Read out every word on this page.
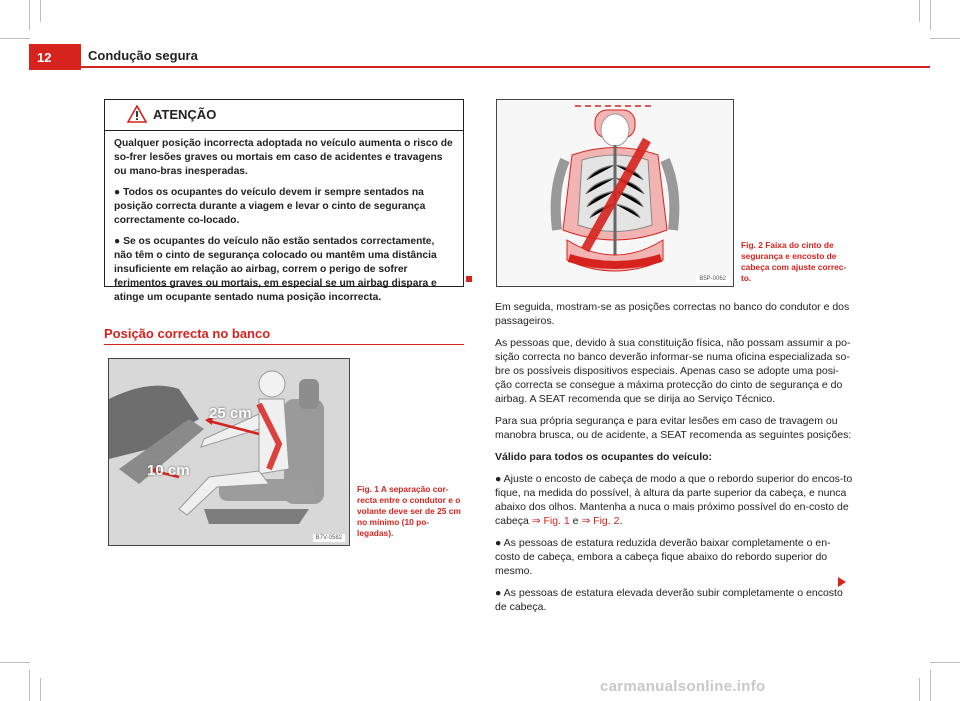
12	Condução segura
ATENÇÃO

Qualquer posição incorrecta adoptada no veículo aumenta o risco de so-frer lesões graves ou mortais em caso de acidentes e travagens ou mano-bras inesperadas.

● Todos os ocupantes do veículo devem ir sempre sentados na posição correcta durante a viagem e levar o cinto de segurança correctamente co-locado.

● Se os ocupantes do veículo não estão sentados correctamente, não têm o cinto de segurança colocado ou mantêm uma distância insuficiente em relação ao airbag, correm o perigo de sofrer ferimentos graves ou mortais, em especial se um airbag dispara e atinge um ocupante sentado numa posição incorrecta.

Posição correcta no banco
25 cm
10 cm
B7V-0582
Fig. 1 A separação cor-recta entre o condutor e o volante deve ser de 25 cm no mínimo (10 po-legadas).
B5P-0062
Fig. 2 Faixa do cinto de segurança e encosto de cabeça com ajuste correc-to.

Em seguida, mostram-se as posições correctas no banco do condutor e dos passageiros.

As pessoas que, devido à sua constituição física, não possam assumir a po-sição correcta no banco deverão informar-se numa oficina especializada so-bre os possíveis dispositivos especiais. Apenas caso se adopte uma posi-ção correcta se consegue a máxima protecção do cinto de segurança e do airbag. A SEAT recomenda que se dirija ao Serviço Técnico.

Para sua própria segurança e para evitar lesões em caso de travagem ou manobra brusca, ou de acidente, a SEAT recomenda as seguintes posições:

Válido para todos os ocupantes do veículo:

● Ajuste o encosto de cabeça de modo a que o rebordo superior do encos-to fique, na medida do possível, à altura da parte superior da cabeça, e nunca abaixo dos olhos. Mantenha a nuca o mais próximo possível do en-costo de cabeça ⇒ Fig. 1 e ⇒ Fig. 2.

● As pessoas de estatura reduzida deverão baixar completamente o en-costo de cabeça, embora a cabeça fique abaixo do rebordo superior do mesmo.

● As pessoas de estatura elevada deverão subir completamente o encosto de cabeça.

carmanualsonline.info
